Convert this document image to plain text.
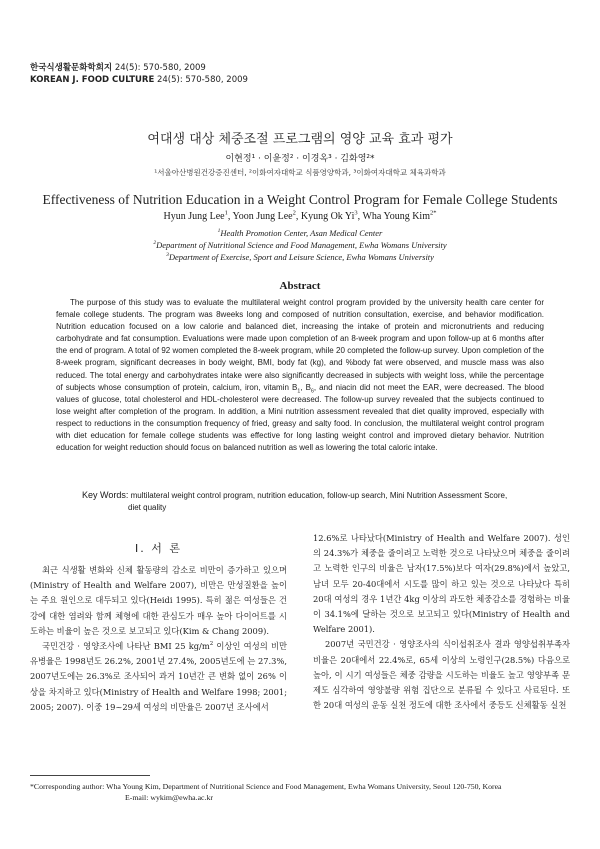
한국식생활문화학회지 24(5): 570-580, 2009
KOREAN J. FOOD CULTURE 24(5): 570-580, 2009
여대생 대상 체중조절 프로그램의 영양 교육 효과 평가
이현정¹ · 이윤정² · 이경옥³ · 김화영²*
¹서울아산병원건강증진센터, ²이화여자대학교 식품영양학과, ³이화여자대학교 체육과학과
Effectiveness of Nutrition Education in a Weight Control Program for Female College Students
Hyun Jung Lee$^1$, Yoon Jung Lee$^2$, Kyung Ok Yi$^3$, Wha Young Kim$^{2*}$
$^1$Health Promotion Center, Asan Medical Center
$^2$Department of Nutritional Science and Food Management, Ewha Womans University
$^3$Department of Exercise, Sport and Leisure Science, Ewha Womans University
Abstract

The purpose of this study was to evaluate the multilateral weight control program provided by the university health care center for female college students. The program was 8weeks long and composed of nutrition consultation, exercise, and behavior modification. Nutrition education focused on a low calorie and balanced diet, increasing the intake of protein and micronutrients and reducing carbohydrate and fat consumption. Evaluations were made upon completion of an 8-week program and upon follow-up at 6 months after the end of program. A total of 92 women completed the 8-week program, while 20 completed the follow-up survey. Upon completion of the 8-week program, significant decreases in body weight, BMI, body fat (kg), and %body fat were observed, and muscle mass was also reduced. The total energy and carbohydrates intake were also significantly decreased in subjects with weight loss, while the percentage of subjects whose consumption of protein, calcium, iron, vitamin $B_1$, $B_6$, and niacin did not meet the EAR, were decreased. The blood values of glucose, total cholesterol and HDL-cholesterol were decreased. The follow-up survey revealed that the subjects continued to lose weight after completion of the program. In addition, a Mini nutrition assessment revealed that diet quality improved, especially with respect to reductions in the consumption frequency of fried, greasy and salty food. In conclusion, the multilateral weight control program with diet education for female college students was effective for long lasting weight control and improved dietary behavior. Nutrition education for weight reduction should focus on balanced nutrition as well as lowering the total caloric intake.

Key Words: multilateral weight control program, nutrition education, follow-up search, Mini Nutrition Assessment Score,
diet quality
I. 서 론

최근 식생활 변화와 신체 활동량의 감소로 비만이 증가하고 있으며(Ministry of Health and Welfare 2007), 비만은 만성질환을 높이는 주요 원인으로 대두되고 있다(Heidi 1995). 특히 젊은 여성들은 건강에 대한 염려와 함께 체형에 대한 관심도가 매우 높아 다이어트를 시도하는 비율이 높은 것으로 보고되고 있다(Kim & Chang 2009).

국민건강 · 영양조사에 나타난 BMI 25 $kg/m^2$ 이상인 여성의 비만 유병율은 1998년도 26.2%, 2001년 27.4%, 2005년도에 는 27.3%, 2007년도에는 26.3%로 조사되어 과거 10년간 큰 변화 없이 26% 이상을 차지하고 있다(Ministry of Health and Welfare 1998; 2001; 2005; 2007). 이중 19~29세 여성의 비만율은 2007년 조사에서

12.6%로 나타났다(Ministry of Health and Welfare 2007). 성인의 24.3%가 체중을 줄이려고 노력한 것으로 나타났으며 체중을 줄이려고 노력한 인구의 비율은 남자(17.5%)보다 여자(29.8%)에서 높았고, 남녀 모두 20-40대에서 시도를 많이 하고 있는 것으로 나타났다 특히 20대 여성의 경우 1년간 4kg 이상의 과도한 체중감소를 경험하는 비율이 34.1%에 달하는 것으로 보고되고 있다(Ministry of Health and Welfare 2001).

2007년 국민건강 · 영양조사의 식이섭취조사 결과 영양섭취부족자 비율은 20대에서 22.4%로, 65세 이상의 노령인구(28.5%) 다음으로 높아, 이 시기 여성들은 체중 감량을 시도하는 비율도 높고 영양부족 문제도 심각하여 영양불량 위험 집단으로 분류될 수 있다고 사료된다. 또한 20대 여성의 운동 실천 정도에 대한 조사에서 중등도 신체활동 실천

*Corresponding author: Wha Young Kim, Department of Nutritional Science and Food Management, Ewha Womans University, Seoul 120-750, Korea
E-mail: wykim@ewha.ac.kr
